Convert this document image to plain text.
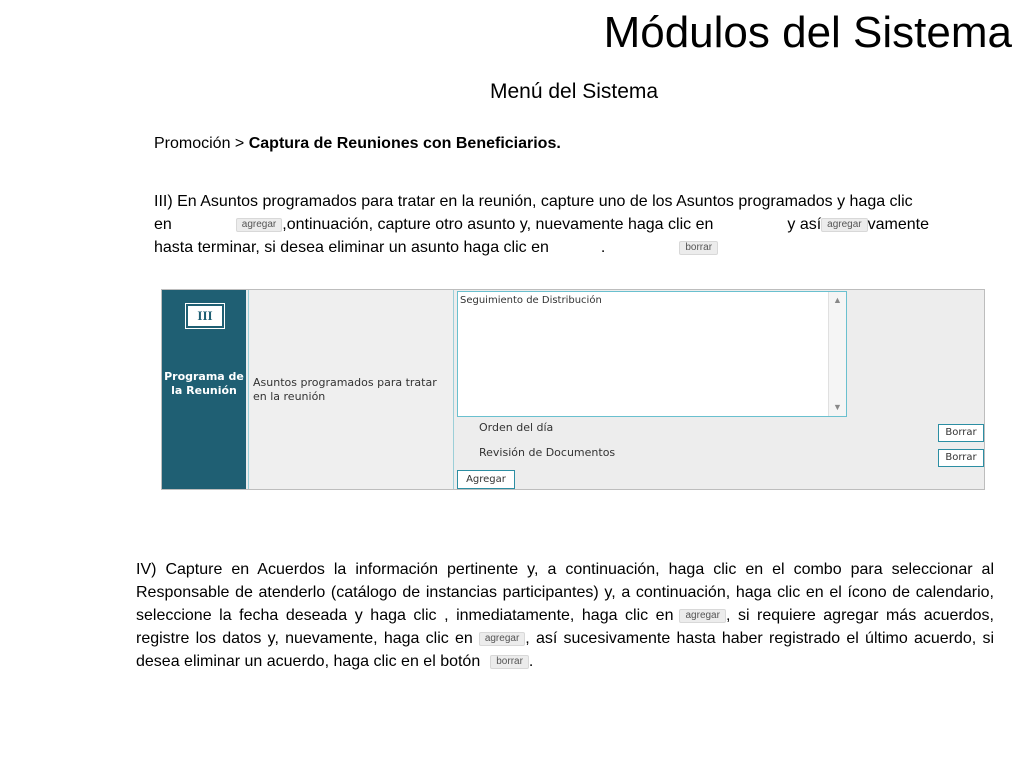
Módulos del Sistema
Menú del Sistema
Promoción > Captura de Reuniones con Beneficiarios.
III) En Asuntos programados para tratar en la reunión, capture uno de los Asuntos programados y haga clic
en	agregar ,ontinuación, capture otro asunto y, nuevamente haga clic en	y así agregar vamente
hasta terminar, si desea eliminar un asunto haga clic en	.	borrar
III
Programa de la Reunión
Asuntos programados para tratar en la reunión
Seguimiento de Distribución	▲
▼
Orden del día	Borrar
Revisión de Documentos	Borrar
Agregar
IV) Capture en Acuerdos la información pertinente y, a continuación, haga clic en el combo para seleccionar al Responsable de atenderlo (catálogo de instancias participantes) y, a continuación, haga clic en el ícono de calendario, seleccione la fecha deseada y haga clic , inmediatamente, haga clic en agregar , si requiere agregar más acuerdos, registre los datos y, nuevamente, haga clic en agregar , así sucesivamente hasta haber registrado el último acuerdo, si desea eliminar un acuerdo, haga clic en el botón borrar .
